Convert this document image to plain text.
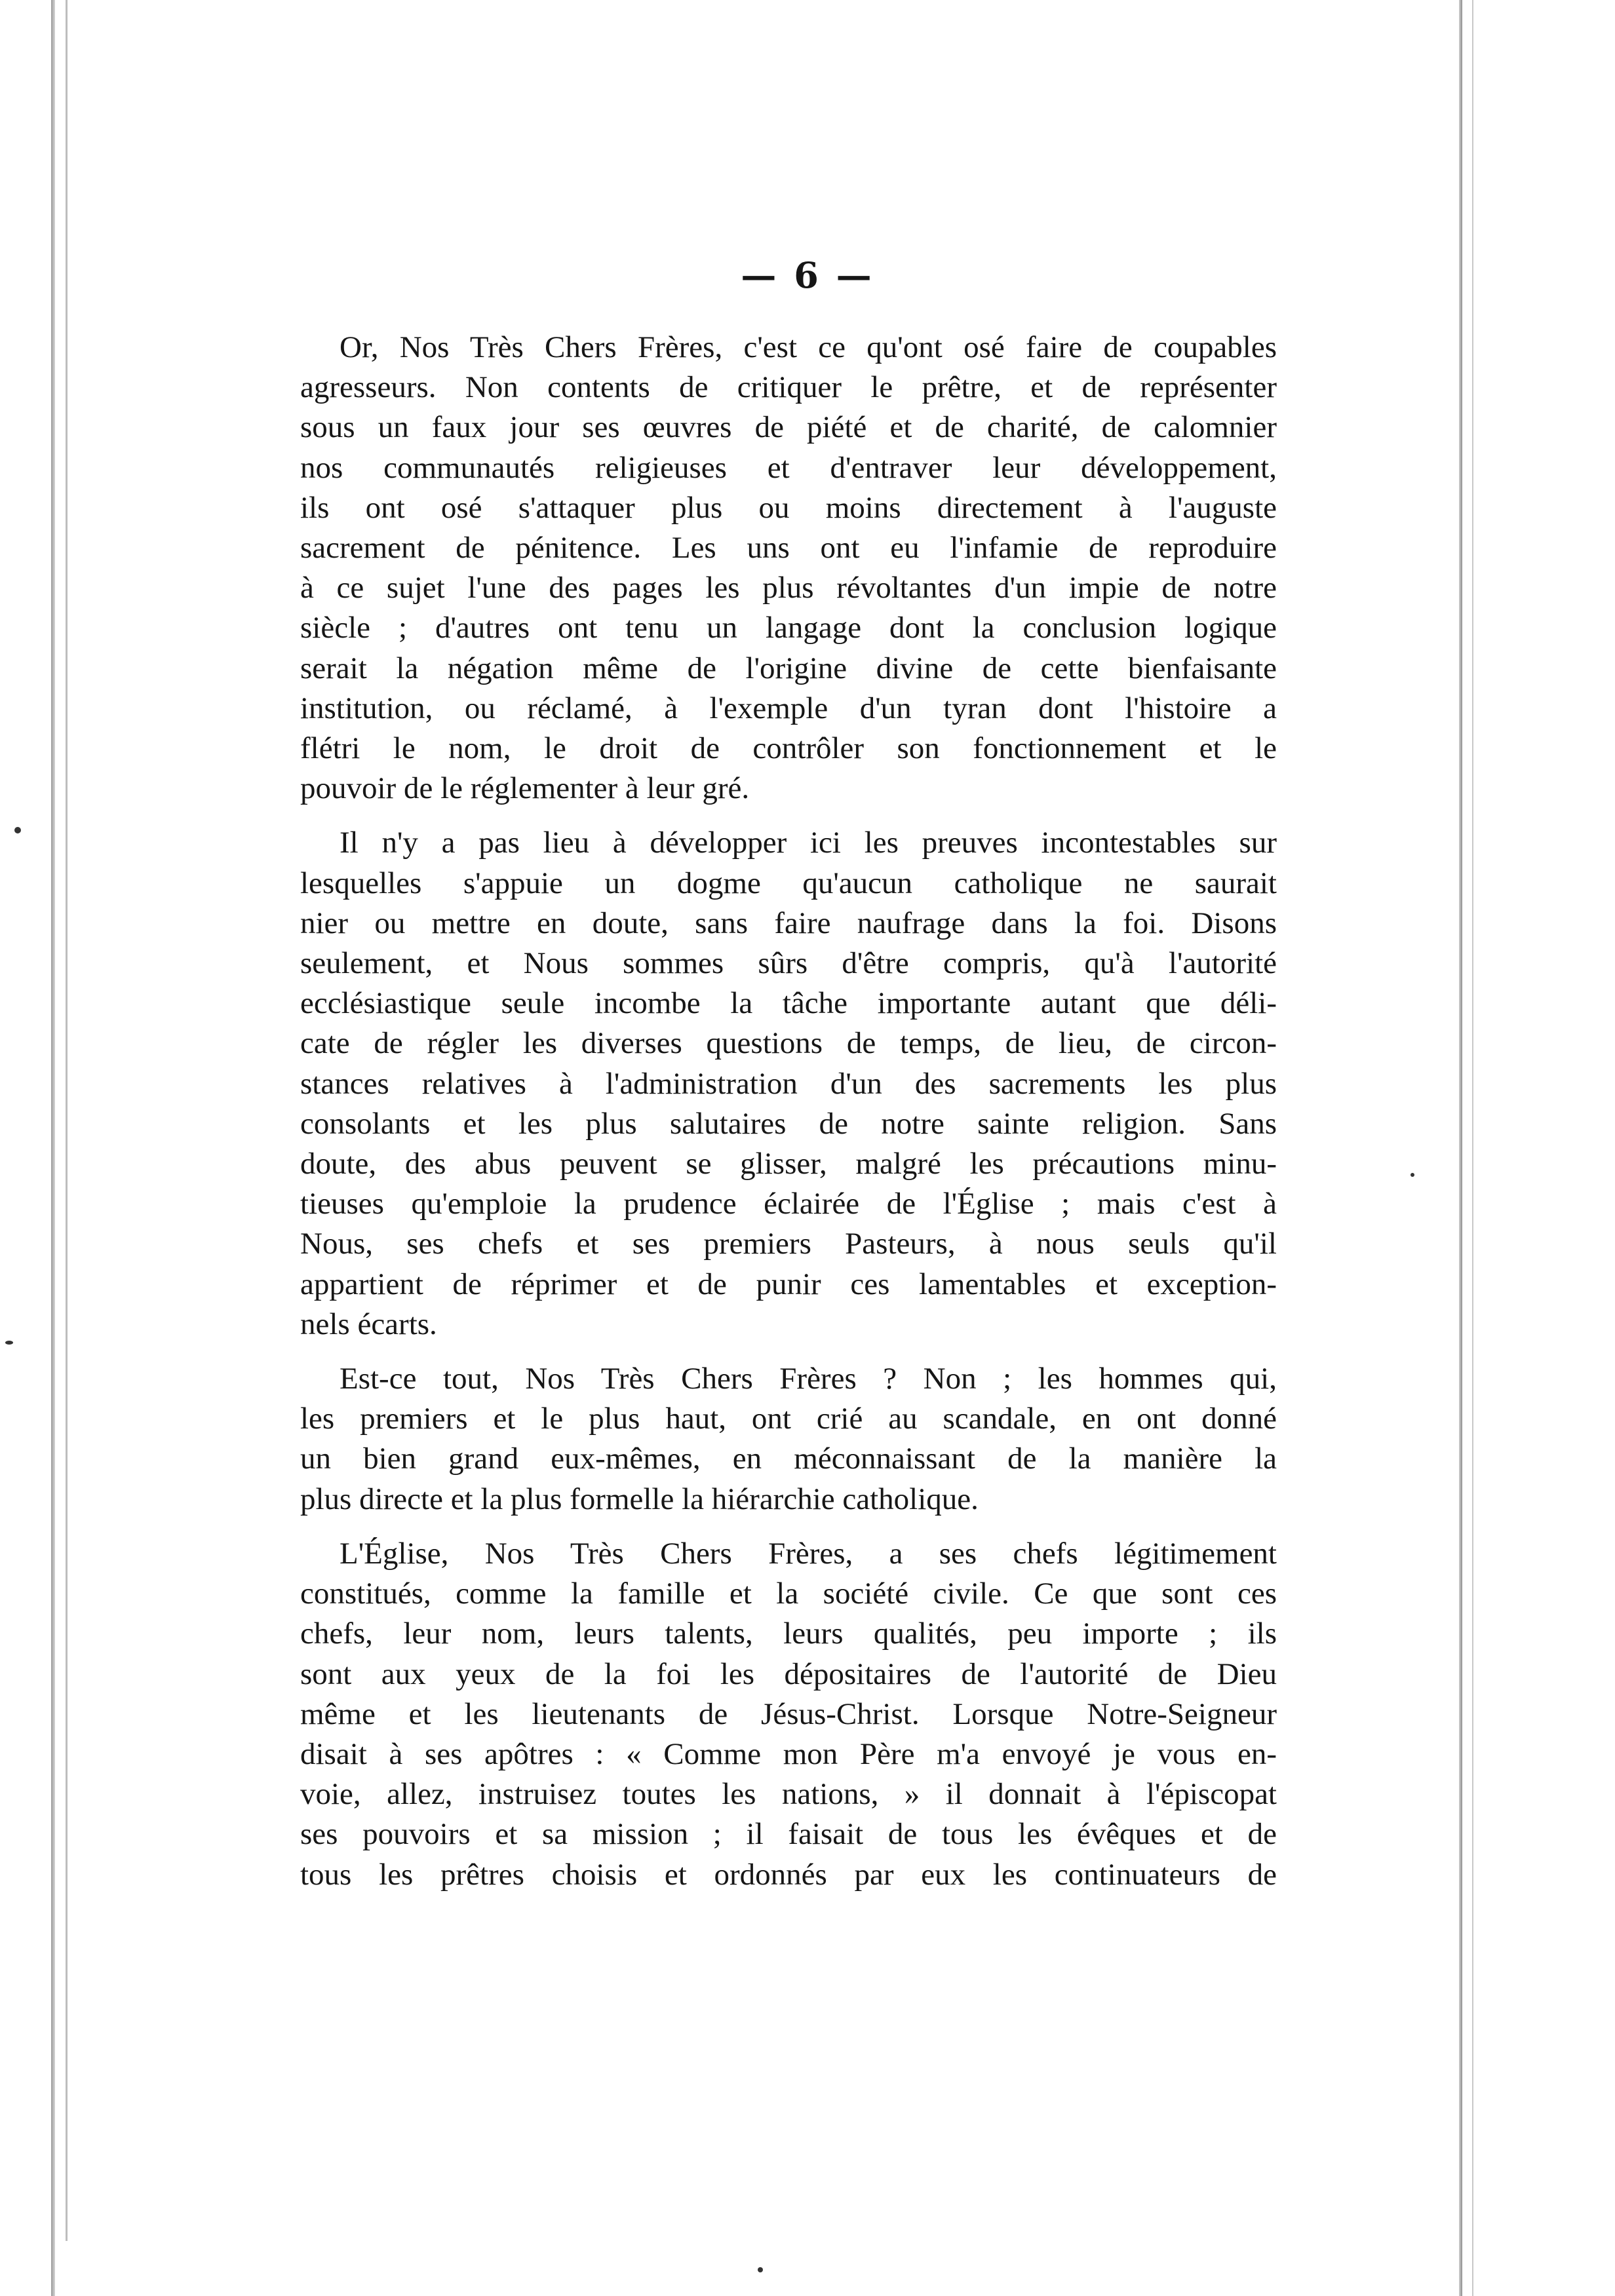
— 6 —
Or, Nos Très Chers Frères, c'est ce qu'ont osé faire de coupables
agresseurs. Non contents de critiquer le prêtre, et de représenter
sous un faux jour ses œuvres de piété et de charité, de calomnier
nos communautés religieuses et d'entraver leur développement,
ils ont osé s'attaquer plus ou moins directement à l'auguste
sacrement de pénitence. Les uns ont eu l'infamie de reproduire
à ce sujet l'une des pages les plus révoltantes d'un impie de notre
siècle ; d'autres ont tenu un langage dont la conclusion logique
serait la négation même de l'origine divine de cette bienfaisante
institution, ou réclamé, à l'exemple d'un tyran dont l'histoire a
flétri le nom, le droit de contrôler son fonctionnement et le
pouvoir de le réglementer à leur gré.
Il n'y a pas lieu à développer ici les preuves incontestables sur
lesquelles s'appuie un dogme qu'aucun catholique ne saurait
nier ou mettre en doute, sans faire naufrage dans la foi. Disons
seulement, et Nous sommes sûrs d'être compris, qu'à l'autorité
ecclésiastique seule incombe la tâche importante autant que déli-
cate de régler les diverses questions de temps, de lieu, de circon-
stances relatives à l'administration d'un des sacrements les plus
consolants et les plus salutaires de notre sainte religion. Sans
doute, des abus peuvent se glisser, malgré les précautions minu-
tieuses qu'emploie la prudence éclairée de l'Église ; mais c'est à
Nous, ses chefs et ses premiers Pasteurs, à nous seuls qu'il
appartient de réprimer et de punir ces lamentables et exception-
nels écarts.
Est-ce tout, Nos Très Chers Frères ? Non ; les hommes qui,
les premiers et le plus haut, ont crié au scandale, en ont donné
un bien grand eux-mêmes, en méconnaissant de la manière la
plus directe et la plus formelle la hiérarchie catholique.
L'Église, Nos Très Chers Frères, a ses chefs légitimement
constitués, comme la famille et la société civile. Ce que sont ces
chefs, leur nom, leurs talents, leurs qualités, peu importe ; ils
sont aux yeux de la foi les dépositaires de l'autorité de Dieu
même et les lieutenants de Jésus-Christ. Lorsque Notre-Seigneur
disait à ses apôtres : « Comme mon Père m'a envoyé je vous en-
voie, allez, instruisez toutes les nations, » il donnait à l'épiscopat
ses pouvoirs et sa mission ; il faisait de tous les évêques et de
tous les prêtres choisis et ordonnés par eux les continuateurs de
